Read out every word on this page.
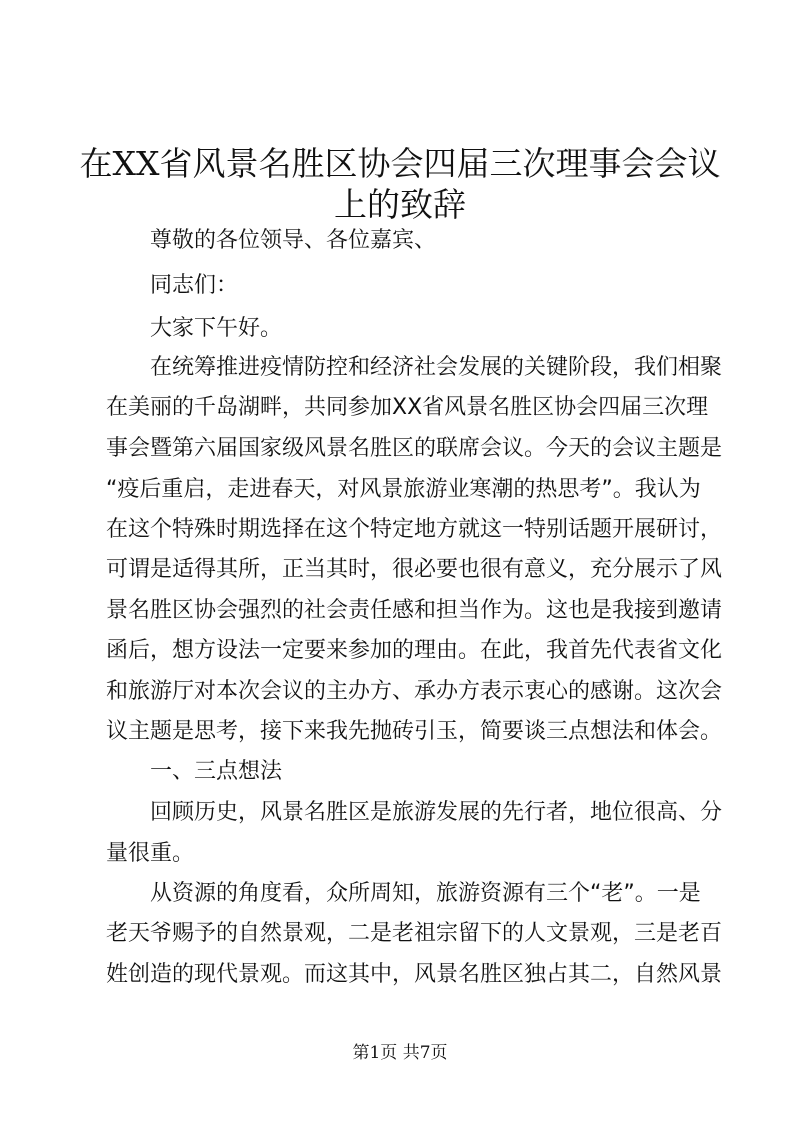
在XX省风景名胜区协会四届三次理事会会议
上的致辞
尊敬的各位领导、各位嘉宾、
同志们：
大家下午好。
在统筹推进疫情防控和经济社会发展的关键阶段，我们相聚
在美丽的千岛湖畔，共同参加XX省风景名胜区协会四届三次理
事会暨第六届国家级风景名胜区的联席会议。今天的会议主题是
“疫后重启，走进春天，对风景旅游业寒潮的热思考”。我认为
在这个特殊时期选择在这个特定地方就这一特别话题开展研讨，
可谓是适得其所，正当其时，很必要也很有意义，充分展示了风
景名胜区协会强烈的社会责任感和担当作为。这也是我接到邀请
函后，想方设法一定要来参加的理由。在此，我首先代表省文化
和旅游厅对本次会议的主办方、承办方表示衷心的感谢。这次会
议主题是思考，接下来我先抛砖引玉，简要谈三点想法和体会。
一、三点想法
回顾历史，风景名胜区是旅游发展的先行者，地位很高、分
量很重。
从资源的角度看，众所周知，旅游资源有三个“老”。一是
老天爷赐予的自然景观，二是老祖宗留下的人文景观，三是老百
姓创造的现代景观。而这其中，风景名胜区独占其二，自然风景
第1页 共7页
